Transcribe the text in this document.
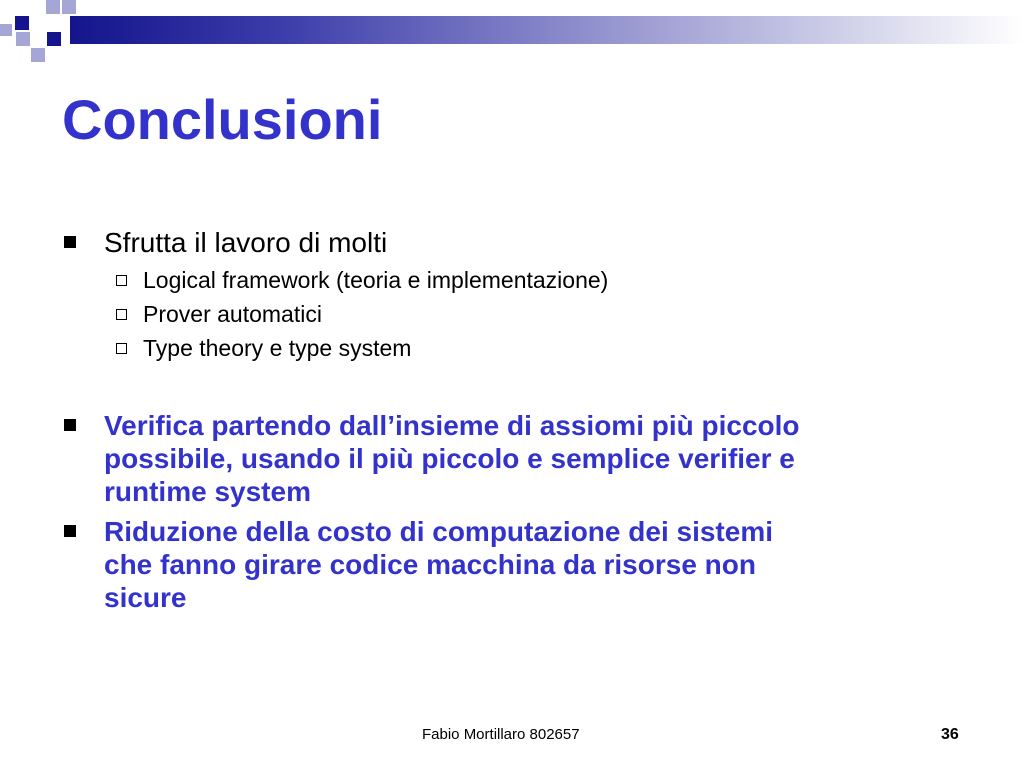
Conclusioni
Sfrutta il lavoro di molti
Logical framework (teoria e implementazione)
Prover automatici
Type theory e type system
Verifica partendo dall’insieme di assiomi più piccolo
possibile, usando il più piccolo e semplice verifier e
runtime system
Riduzione della costo di computazione dei sistemi
che fanno girare codice macchina da risorse non
sicure
Fabio Mortillaro 802657	36
